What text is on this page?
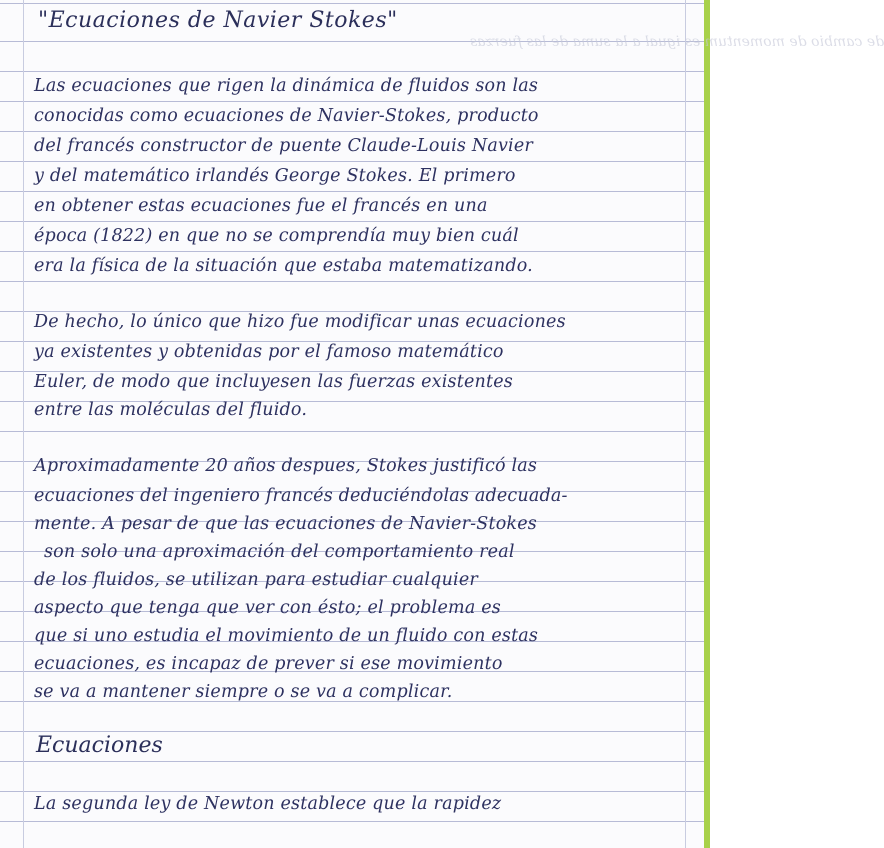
de cambio de momentum es igual a la suma de las fuerzas
"Ecuaciones de Navier Stokes"
Las ecuaciones que rigen la dinámica de fluidos son las
conocidas como ecuaciones de Navier-Stokes, producto
del francés constructor de puente Claude-Louis Navier
y del matemático irlandés George Stokes. El primero
en obtener estas ecuaciones fue el francés en una
época (1822) en que no se comprendía muy bien cuál
era la física de la situación que estaba matematizando.
De hecho, lo único que hizo fue modificar unas ecuaciones
ya existentes y obtenidas por el famoso matemático
Euler, de modo que incluyesen las fuerzas existentes
entre las moléculas del fluido.
Aproximadamente 20 años despues, Stokes justificó las
ecuaciones del ingeniero francés deduciéndolas adecuada-
mente. A pesar de que las ecuaciones de Navier-Stokes
son solo una aproximación del comportamiento real
de los fluidos, se utilizan para estudiar cualquier
aspecto que tenga que ver con ésto; el problema es
que si uno estudia el movimiento de un fluido con estas
ecuaciones, es incapaz de prever si ese movimiento
se va a mantener siempre o se va a complicar.
Ecuaciones
La segunda ley de Newton establece que la rapidez
